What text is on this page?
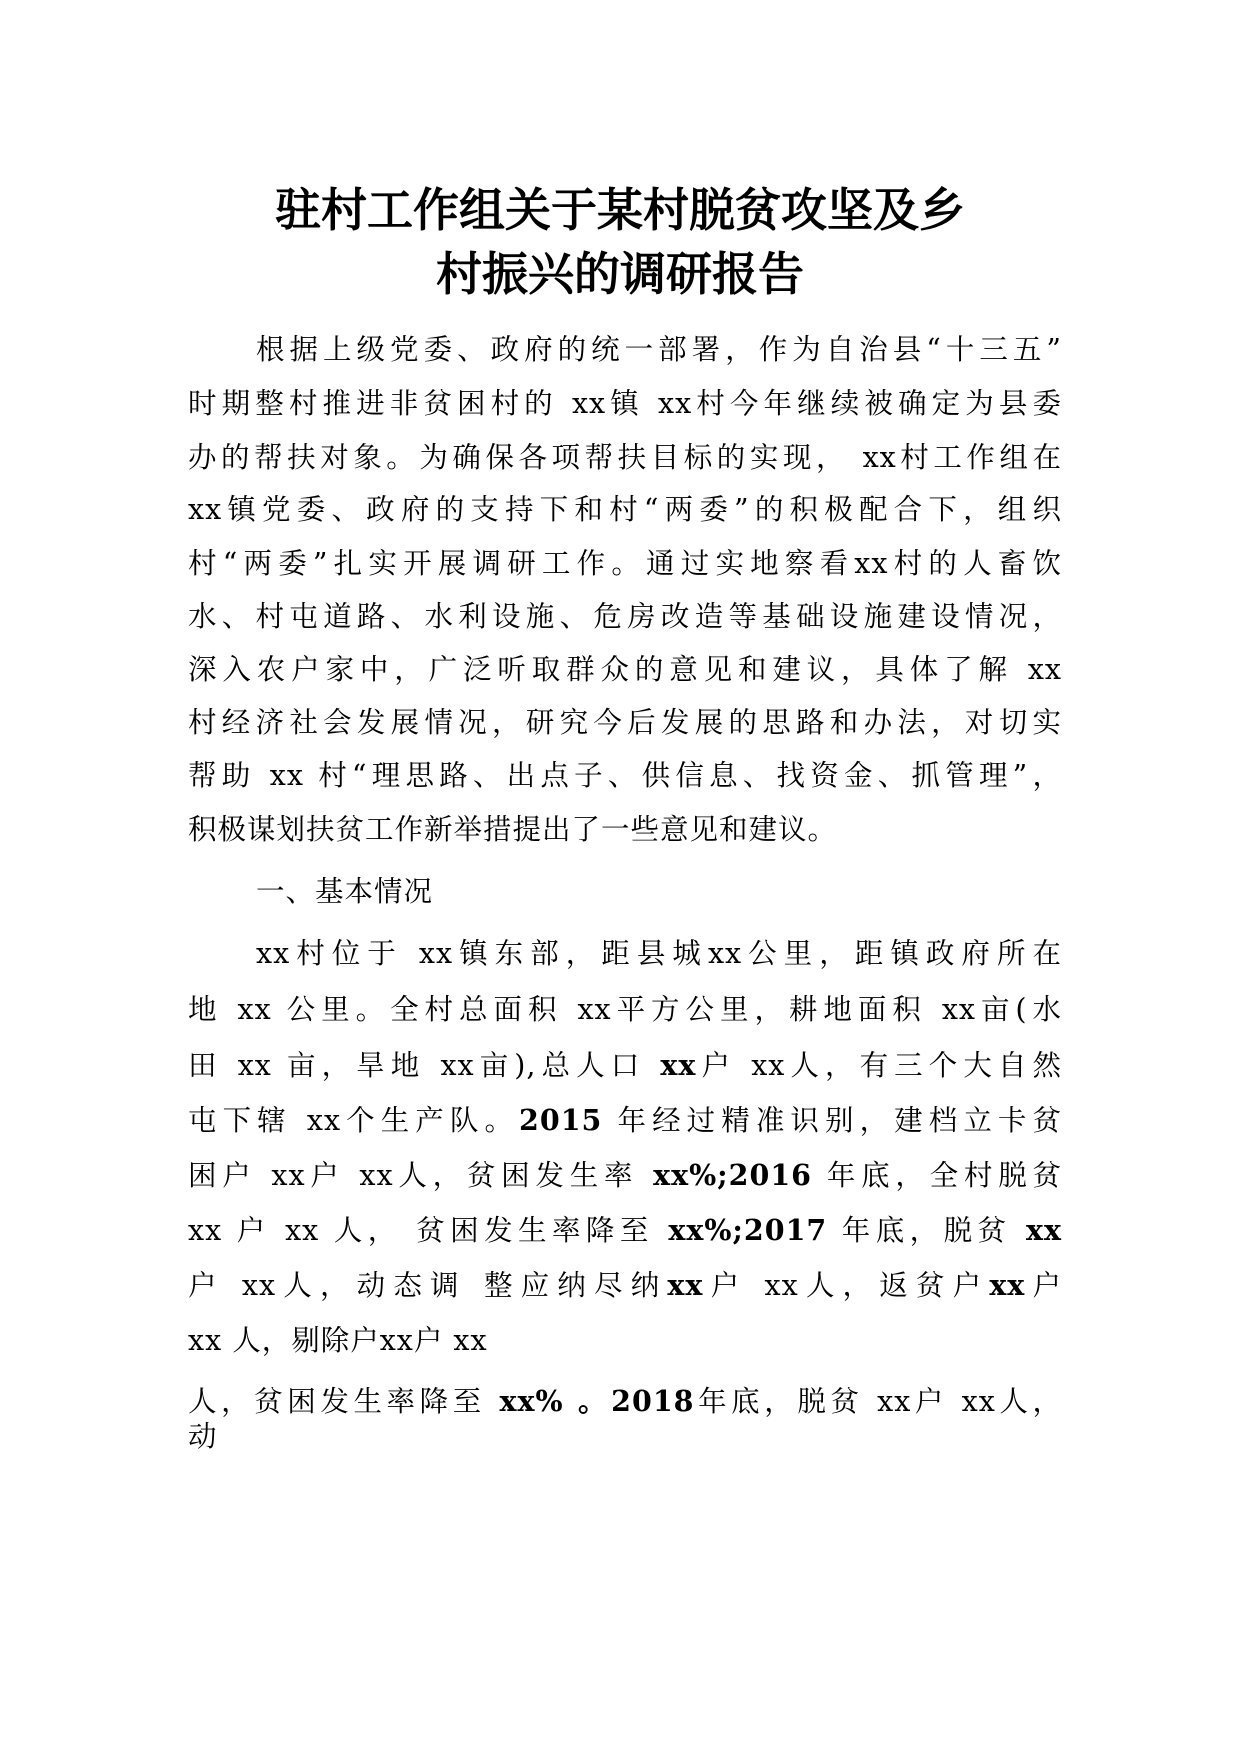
驻村工作组关于某村脱贫攻坚及乡
村振兴的调研报告
根据上级党委、政府的统一部署，作为自治县“十三五”
时期整村推进非贫困村的 xx镇 xx村今年继续被确定为县委
办的帮扶对象。为确保各项帮扶目标的实现， xx村工作组在
xx镇党委、政府的支持下和村“两委”的积极配合下，组织
村“两委”扎实开展调研工作。通过实地察看xx村的人畜饮
水、村屯道路、水利设施、危房改造等基础设施建设情况，
深入农户家中，广泛听取群众的意见和建议，具体了解 xx
村经济社会发展情况，研究今后发展的思路和办法，对切实
帮助 xx 村“理思路、出点子、供信息、找资金、抓管理”，
积极谋划扶贫工作新举措提出了一些意见和建议。
一、基本情况
xx村位于 xx镇东部，距县城xx公里，距镇政府所在
地 xx 公里。全村总面积 xx平方公里，耕地面积 xx亩(水
田 xx 亩，旱地 xx亩),总人口 xx户 xx人，有三个大自然
屯下辖 xx个生产队。2015 年经过精准识别，建档立卡贫
困户 xx户 xx人，贫困发生率 xx%;2016 年底，全村脱贫
xx 户 xx 人， 贫困发生率降至 xx%;2017 年底，脱贫 xx
户 xx人，动态调 整应纳尽纳xx户 xx人，返贫户xx户
xx 人，剔除户xx户 xx
人，贫困发生率降至 xx% 。2018年底，脱贫 xx户 xx人，
动
